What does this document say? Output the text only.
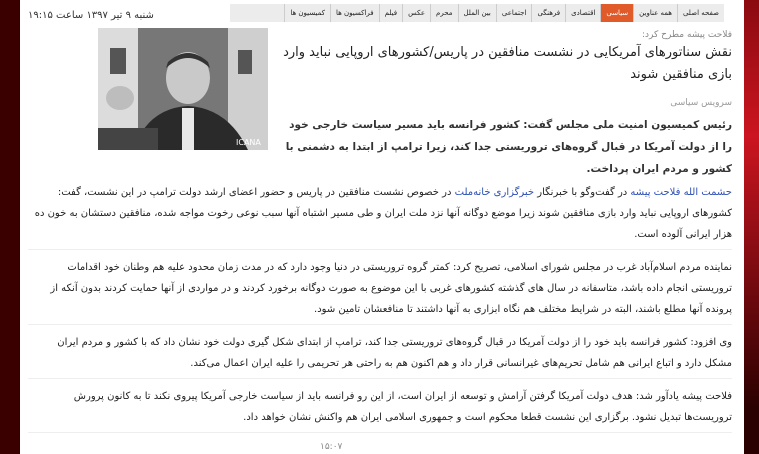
صفحه اصلی
همه عناوین
سیاسی
اقتصادی
فرهنگی
اجتماعی
بین الملل
محرم
عکس
فیلم
فراکسیون ها
کمیسیون ها
شنبه ۹ تیر ۱۳۹۷ ساعت ۱۹:۱۵
ICANA
فلاحت پیشه مطرح کرد:
نقش سناتورهای آمریکایی در نشست منافقین در پاریس/کشورهای اروپایی نباید وارد بازی منافقین شوند
سرویس سیاسی
رئیس کمیسیون امنیت ملی مجلس گفت: کشور فرانسه باید مسیر سیاست خارجی خود را از دولت آمریکا در قبال گروه‌های تروریستی جدا کند، زیرا ترامپ از ابتدا به دشمنی با کشور و مردم ایران پرداخت.

حشمت الله فلاحت پیشه در گفت‌وگو با خبرنگار خبرگزاری خانه‌ملت در خصوص نشست منافقین در پاریس و حضور اعضای ارشد دولت ترامپ در این نشست، گفت: کشورهای اروپایی نباید وارد بازی منافقین شوند زیرا موضع دوگانه آنها نزد ملت ایران و طی مسیر اشتباه آنها سبب نوعی رخوت مواجه شده، منافقین دستشان به خون ده هزار ایرانی آلوده است.

نماینده مردم اسلام‌آباد غرب در مجلس شورای اسلامی، تصریح کرد: کمتر گروه تروریستی در دنیا وجود دارد که در مدت زمان محدود علیه هم وطنان خود اقدامات تروریستی انجام داده باشد، متاسفانه در سال های گذشته کشورهای غربی با این موضوع به صورت دوگانه برخورد کردند و در مواردی از آنها حمایت کردند بدون آنکه از پرونده آنها مطلع باشند، البته در شرایط مختلف هم نگاه ابزاری به آنها داشتند تا منافعشان تامین شود.

وی افزود: کشور فرانسه باید خود را از دولت آمریکا در قبال گروه‌های تروریستی جدا کند، ترامپ از ابتدای شکل گیری دولت خود نشان داد که با کشور و مردم ایران مشکل دارد و اتباع ایرانی هم شامل تحریم‌های غیرانسانی قرار داد و هم اکنون هم به راحتی هر تحریمی را علیه ایران اعمال می‌کند.

فلاحت پیشه یادآور شد: هدف دولت آمریکا گرفتن آرامش و توسعه از ایران است، از این رو فرانسه باید از سیاست خارجی آمریکا پیروی نکند تا به کانون پرورش تروریست‌ها تبدیل نشود. برگزاری این نشست قطعا محکوم است و جمهوری اسلامی ایران هم واکنش نشان خواهد داد.

۱۵:۰۷
